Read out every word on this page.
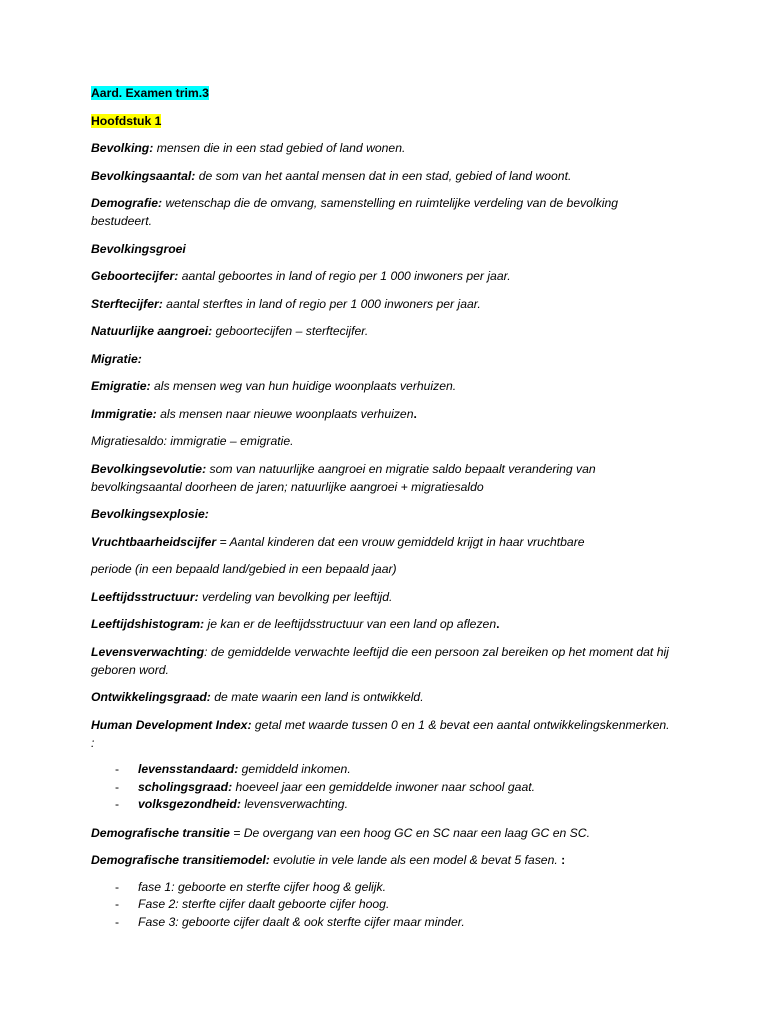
Aard. Examen trim.3

Hoofdstuk 1

Bevolking: mensen die in een stad gebied of land wonen.

Bevolkingsaantal: de som van het aantal mensen dat in een stad, gebied of land woont.

Demografie: wetenschap die de omvang, samenstelling en ruimtelijke verdeling van de bevolking bestudeert.

Bevolkingsgroei

Geboortecijfer: aantal geboortes in land of regio per 1 000 inwoners per jaar.

Sterftecijfer: aantal sterftes in land of regio per 1 000 inwoners per jaar.

Natuurlijke aangroei: geboortecijfen – sterftecijfer.

Migratie:

Emigratie: als mensen weg van hun huidige woonplaats verhuizen.

Immigratie: als mensen naar nieuwe woonplaats verhuizen.

Migratiesaldo: immigratie – emigratie.

Bevolkingsevolutie: som van natuurlijke aangroei en migratie saldo bepaalt verandering van bevolkingsaantal doorheen de jaren; natuurlijke aangroei + migratiesaldo

Bevolkingsexplosie:

Vruchtbaarheidscijfer = Aantal kinderen dat een vrouw gemiddeld krijgt in haar vruchtbare

periode (in een bepaald land/gebied in een bepaald jaar)

Leeftijdsstructuur: verdeling van bevolking per leeftijd.

Leeftijdshistogram: je kan er de leeftijdsstructuur van een land op aflezen.

Levensverwachting: de gemiddelde verwachte leeftijd die een persoon zal bereiken op het moment dat hij geboren word.

Ontwikkelingsgraad: de mate waarin een land is ontwikkeld.

Human Development Index: getal met waarde tussen 0 en 1 & bevat een aantal ontwikkelingskenmerken. :

- levensstandaard: gemiddeld inkomen.
- scholingsgraad: hoeveel jaar een gemiddelde inwoner naar school gaat.
- volksgezondheid: levensverwachting.

Demografische transitie = De overgang van een hoog GC en SC naar een laag GC en SC.

Demografische transitiemodel: evolutie in vele lande als een model & bevat 5 fasen. :

- fase 1: geboorte en sterfte cijfer hoog & gelijk.
- Fase 2: sterfte cijfer daalt geboorte cijfer hoog.
- Fase 3: geboorte cijfer daalt & ook sterfte cijfer maar minder.
